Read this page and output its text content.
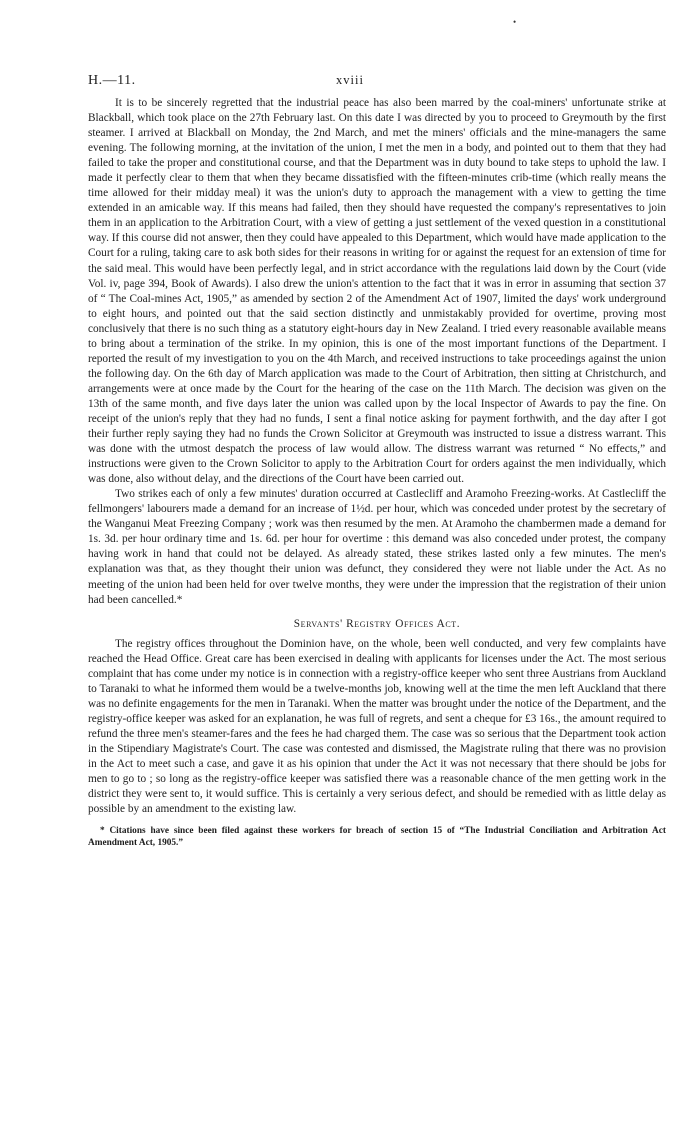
•
H.—11.	xviii

It is to be sincerely regretted that the industrial peace has also been marred by the coal-miners' unfortunate strike at Blackball, which took place on the 27th February last. On this date I was directed by you to proceed to Greymouth by the first steamer. I arrived at Blackball on Monday, the 2nd March, and met the miners' officials and the mine-managers the same evening. The following morning, at the invitation of the union, I met the men in a body, and pointed out to them that they had failed to take the proper and constitutional course, and that the Department was in duty bound to take steps to uphold the law. I made it perfectly clear to them that when they became dissatisfied with the fifteen-minutes crib-time (which really means the time allowed for their midday meal) it was the union's duty to approach the management with a view to getting the time extended in an amicable way. If this means had failed, then they should have requested the company's representatives to join them in an application to the Arbitration Court, with a view of getting a just settlement of the vexed question in a constitutional way. If this course did not answer, then they could have appealed to this Department, which would have made application to the Court for a ruling, taking care to ask both sides for their reasons in writing for or against the request for an extension of time for the said meal. This would have been perfectly legal, and in strict accordance with the regulations laid down by the Court (vide Vol. iv, page 394, Book of Awards). I also drew the union's attention to the fact that it was in error in assuming that section 37 of “ The Coal-mines Act, 1905,” as amended by section 2 of the Amendment Act of 1907, limited the days' work underground to eight hours, and pointed out that the said section distinctly and unmistakably provided for overtime, proving most conclusively that there is no such thing as a statutory eight-hours day in New Zealand. I tried every reasonable available means to bring about a termination of the strike. In my opinion, this is one of the most important functions of the Department. I reported the result of my investigation to you on the 4th March, and received instructions to take proceedings against the union the following day. On the 6th day of March application was made to the Court of Arbitration, then sitting at Christchurch, and arrangements were at once made by the Court for the hearing of the case on the 11th March. The decision was given on the 13th of the same month, and five days later the union was called upon by the local Inspector of Awards to pay the fine. On receipt of the union's reply that they had no funds, I sent a final notice asking for payment forthwith, and the day after I got their further reply saying they had no funds the Crown Solicitor at Greymouth was instructed to issue a distress warrant. This was done with the utmost despatch the process of law would allow. The distress warrant was returned “ No effects,” and instructions were given to the Crown Solicitor to apply to the Arbitration Court for orders against the men individually, which was done, also without delay, and the directions of the Court have been carried out.

Two strikes each of only a few minutes' duration occurred at Castlecliff and Aramoho Freezing-works. At Castlecliff the fellmongers' labourers made a demand for an increase of 1½d. per hour, which was conceded under protest by the secretary of the Wanganui Meat Freezing Company ; work was then resumed by the men. At Aramoho the chambermen made a demand for 1s. 3d. per hour ordinary time and 1s. 6d. per hour for overtime : this demand was also conceded under protest, the company having work in hand that could not be delayed. As already stated, these strikes lasted only a few minutes. The men's explanation was that, as they thought their union was defunct, they considered they were not liable under the Act. As no meeting of the union had been held for over twelve months, they were under the impression that the registration of their union had been cancelled.*

Servants' Registry Offices Act.

The registry offices throughout the Dominion have, on the whole, been well conducted, and very few complaints have reached the Head Office. Great care has been exercised in dealing with applicants for licenses under the Act. The most serious complaint that has come under my notice is in connection with a registry-office keeper who sent three Austrians from Auckland to Taranaki to what he informed them would be a twelve-months job, knowing well at the time the men left Auckland that there was no definite engagements for the men in Taranaki. When the matter was brought under the notice of the Department, and the registry-office keeper was asked for an explanation, he was full of regrets, and sent a cheque for £3 16s., the amount required to refund the three men's steamer-fares and the fees he had charged them. The case was so serious that the Department took action in the Stipendiary Magistrate's Court. The case was contested and dismissed, the Magistrate ruling that there was no provision in the Act to meet such a case, and gave it as his opinion that under the Act it was not necessary that there should be jobs for men to go to ; so long as the registry-office keeper was satisfied there was a reasonable chance of the men getting work in the district they were sent to, it would suffice. This is certainly a very serious defect, and should be remedied with as little delay as possible by an amendment to the existing law.

* Citations have since been filed against these workers for breach of section 15 of “The Industrial Conciliation and Arbitration Act Amendment Act, 1905.”
